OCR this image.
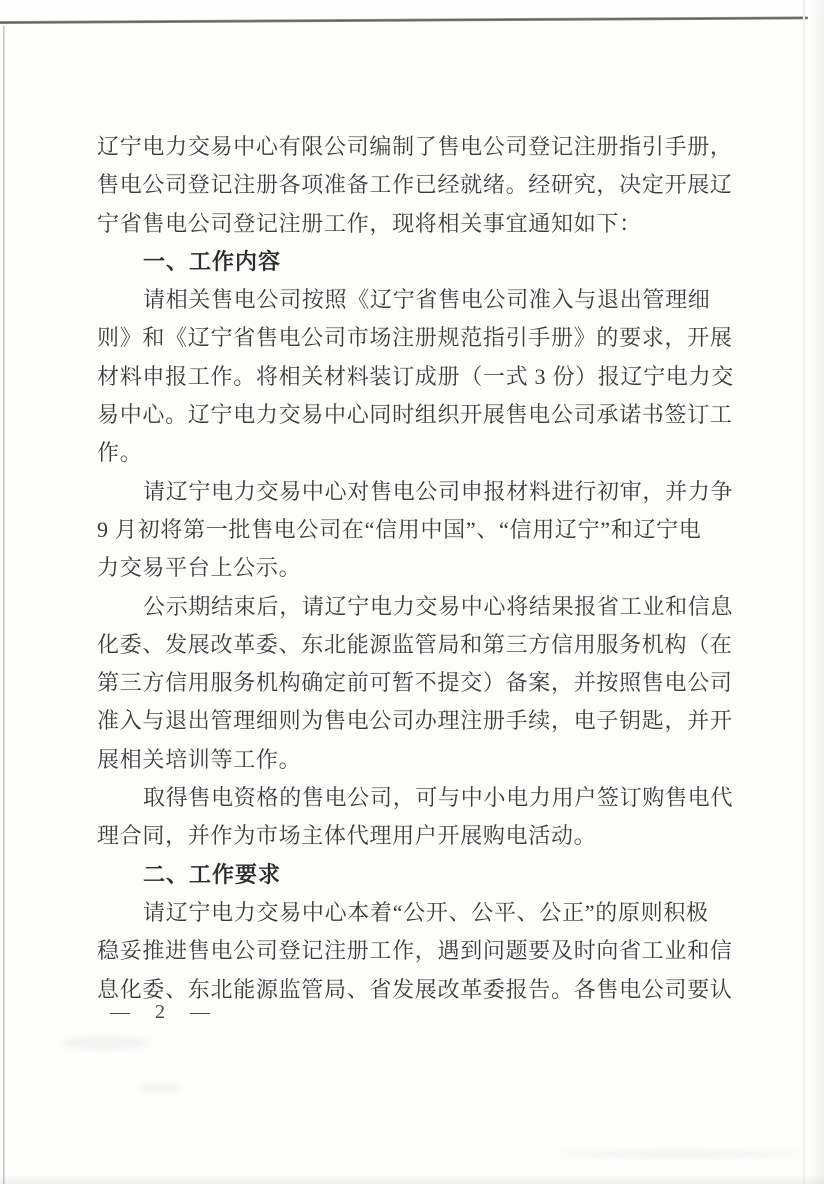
辽宁电力交易中心有限公司编制了售电公司登记注册指引手册，
售电公司登记注册各项准备工作已经就绪。经研究，决定开展辽
宁省售电公司登记注册工作，现将相关事宜通知如下：
一、工作内容
请相关售电公司按照《辽宁省售电公司准入与退出管理细
则》和《辽宁省售电公司市场注册规范指引手册》的要求，开展
材料申报工作。将相关材料装订成册（一式 3 份）报辽宁电力交
易中心。辽宁电力交易中心同时组织开展售电公司承诺书签订工
作。
请辽宁电力交易中心对售电公司申报材料进行初审，并力争
9 月初将第一批售电公司在“信用中国”、“信用辽宁”和辽宁电
力交易平台上公示。
公示期结束后，请辽宁电力交易中心将结果报省工业和信息
化委、发展改革委、东北能源监管局和第三方信用服务机构（在
第三方信用服务机构确定前可暂不提交）备案，并按照售电公司
准入与退出管理细则为售电公司办理注册手续，电子钥匙，并开
展相关培训等工作。
取得售电资格的售电公司，可与中小电力用户签订购售电代
理合同，并作为市场主体代理用户开展购电活动。
二、工作要求
请辽宁电力交易中心本着“公开、公平、公正”的原则积极
稳妥推进售电公司登记注册工作，遇到问题要及时向省工业和信
息化委、东北能源监管局、省发展改革委报告。各售电公司要认
— 2 —
